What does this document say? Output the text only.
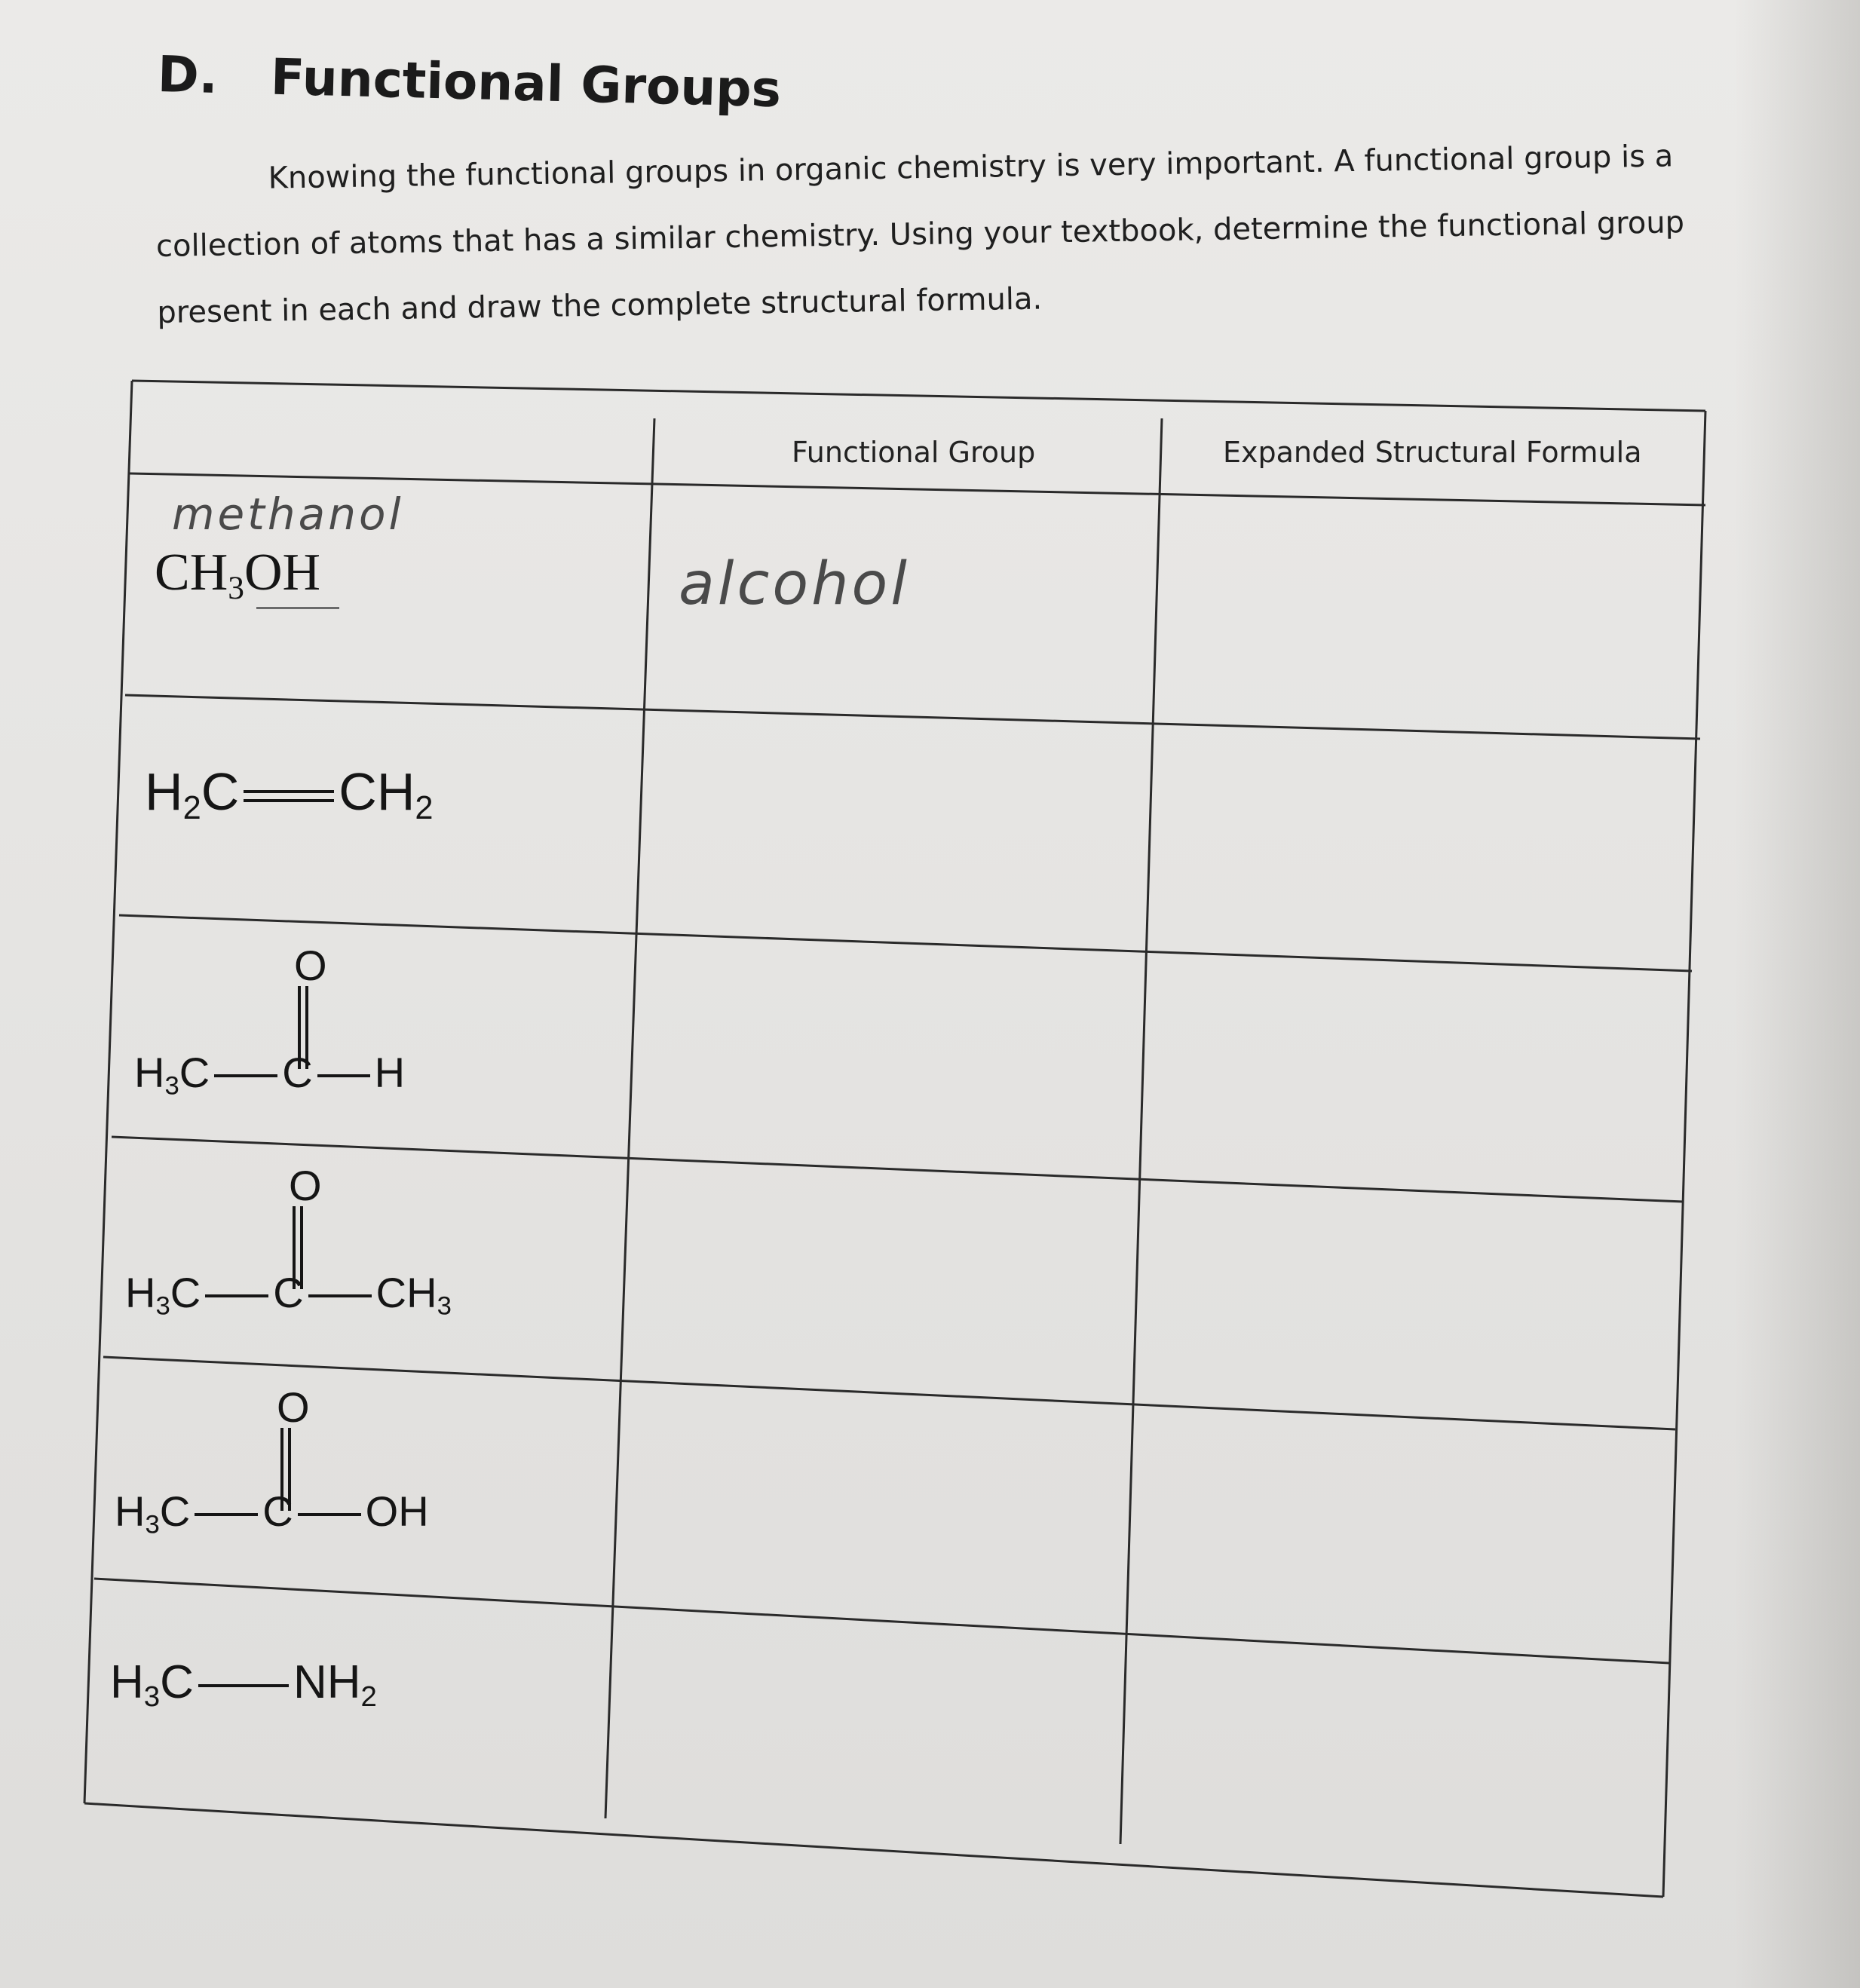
D. Functional Groups
Knowing the functional groups in organic chemistry is very important. A functional group is a collection of atoms that has a similar chemistry. Using your textbook, determine the functional group present in each and draw the complete structural formula.
Functional Group	Expanded Structural Formula
methanol
$CH_3OH$	alcohol
$H_2C$ $CH_2$
O
$H_3C$ C H
O
$H_3C$ C $CH_3$
O
$H_3C$ C OH
$H_3C$ $NH_2$
